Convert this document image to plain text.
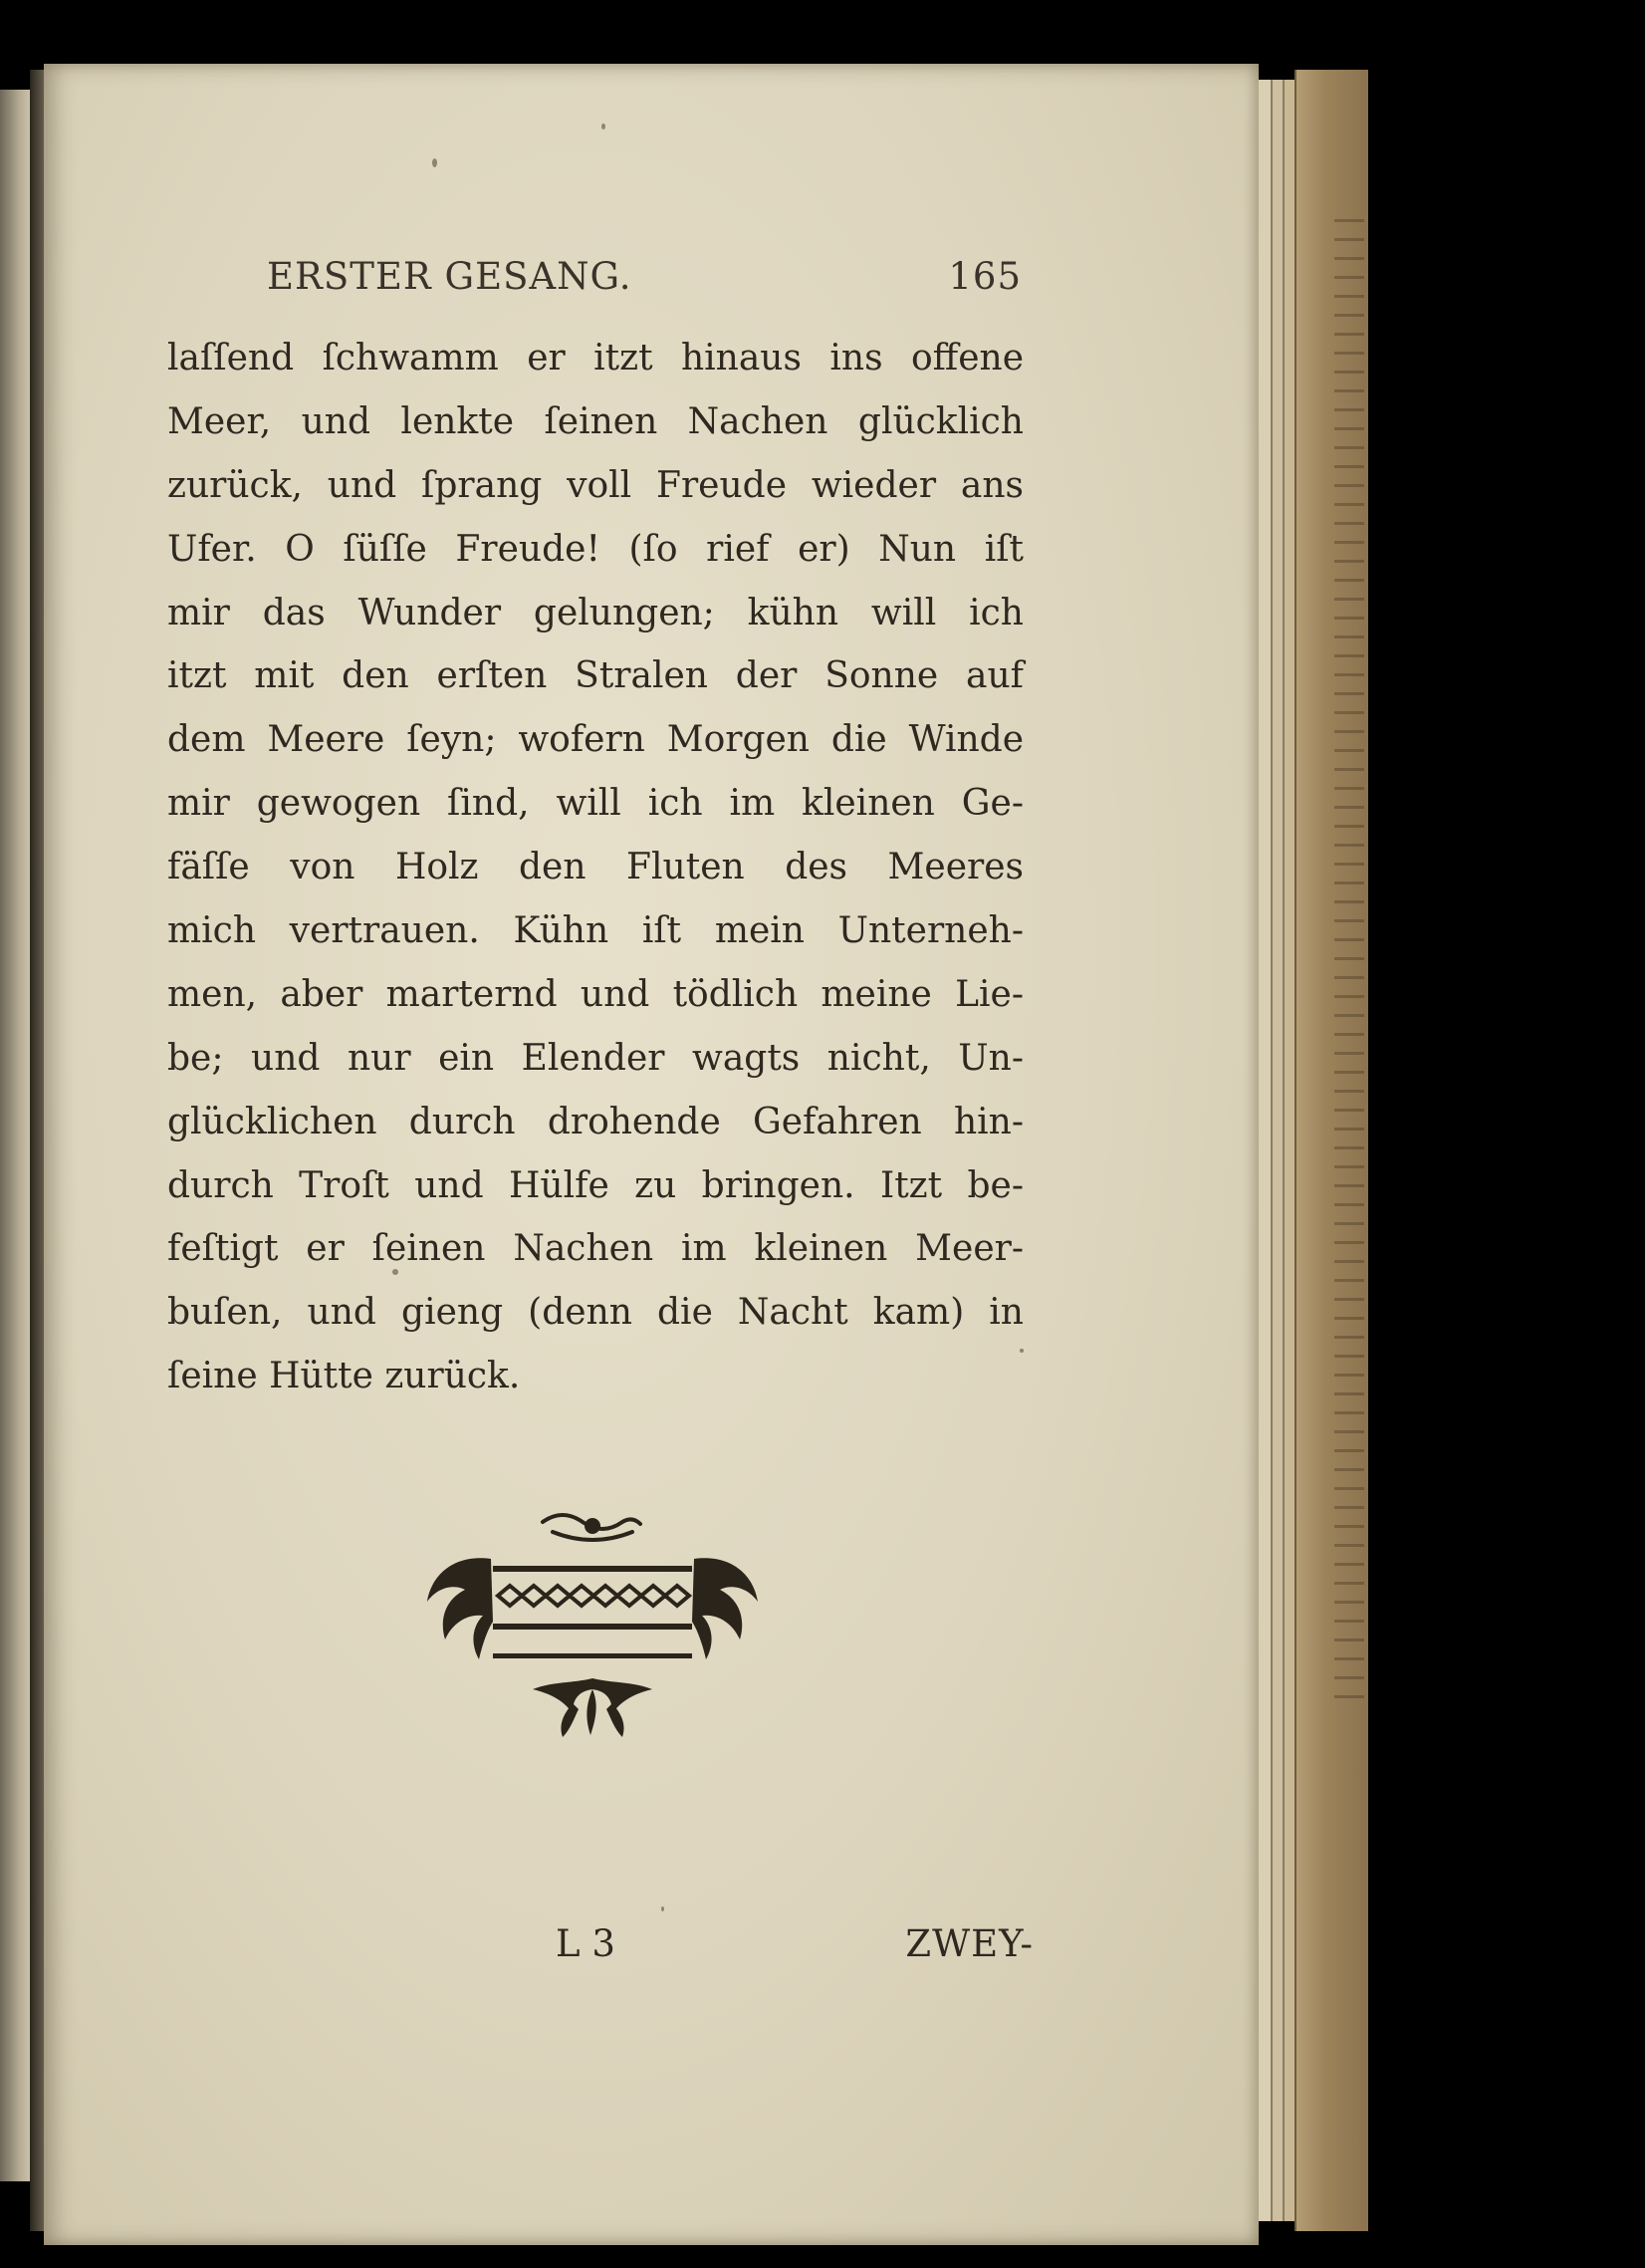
ERSTER GESANG.	165
laſſend ſchwamm er itzt hinaus ins offene
Meer, und lenkte ſeinen Nachen glücklich
zurück, und ſprang voll Freude wieder ans
Ufer. O ſüſſe Freude! (ſo rief er) Nun iſt
mir das Wunder gelungen; kühn will ich
itzt mit den erſten Stralen der Sonne auf
dem Meere ſeyn; wofern Morgen die Winde
mir gewogen ſind, will ich im kleinen Ge-
fäſſe von Holz den Fluten des Meeres
mich vertrauen. Kühn iſt mein Unterneh-
men, aber marternd und tödlich meine Lie-
be; und nur ein Elender wagts nicht, Un-
glücklichen durch drohende Gefahren hin-
durch Troſt und Hülfe zu bringen. Itzt be-
feſtigt er ſeinen Nachen im kleinen Meer-
buſen, und gieng (denn die Nacht kam) in
ſeine Hütte zurück.
L 3	ZWEY-
